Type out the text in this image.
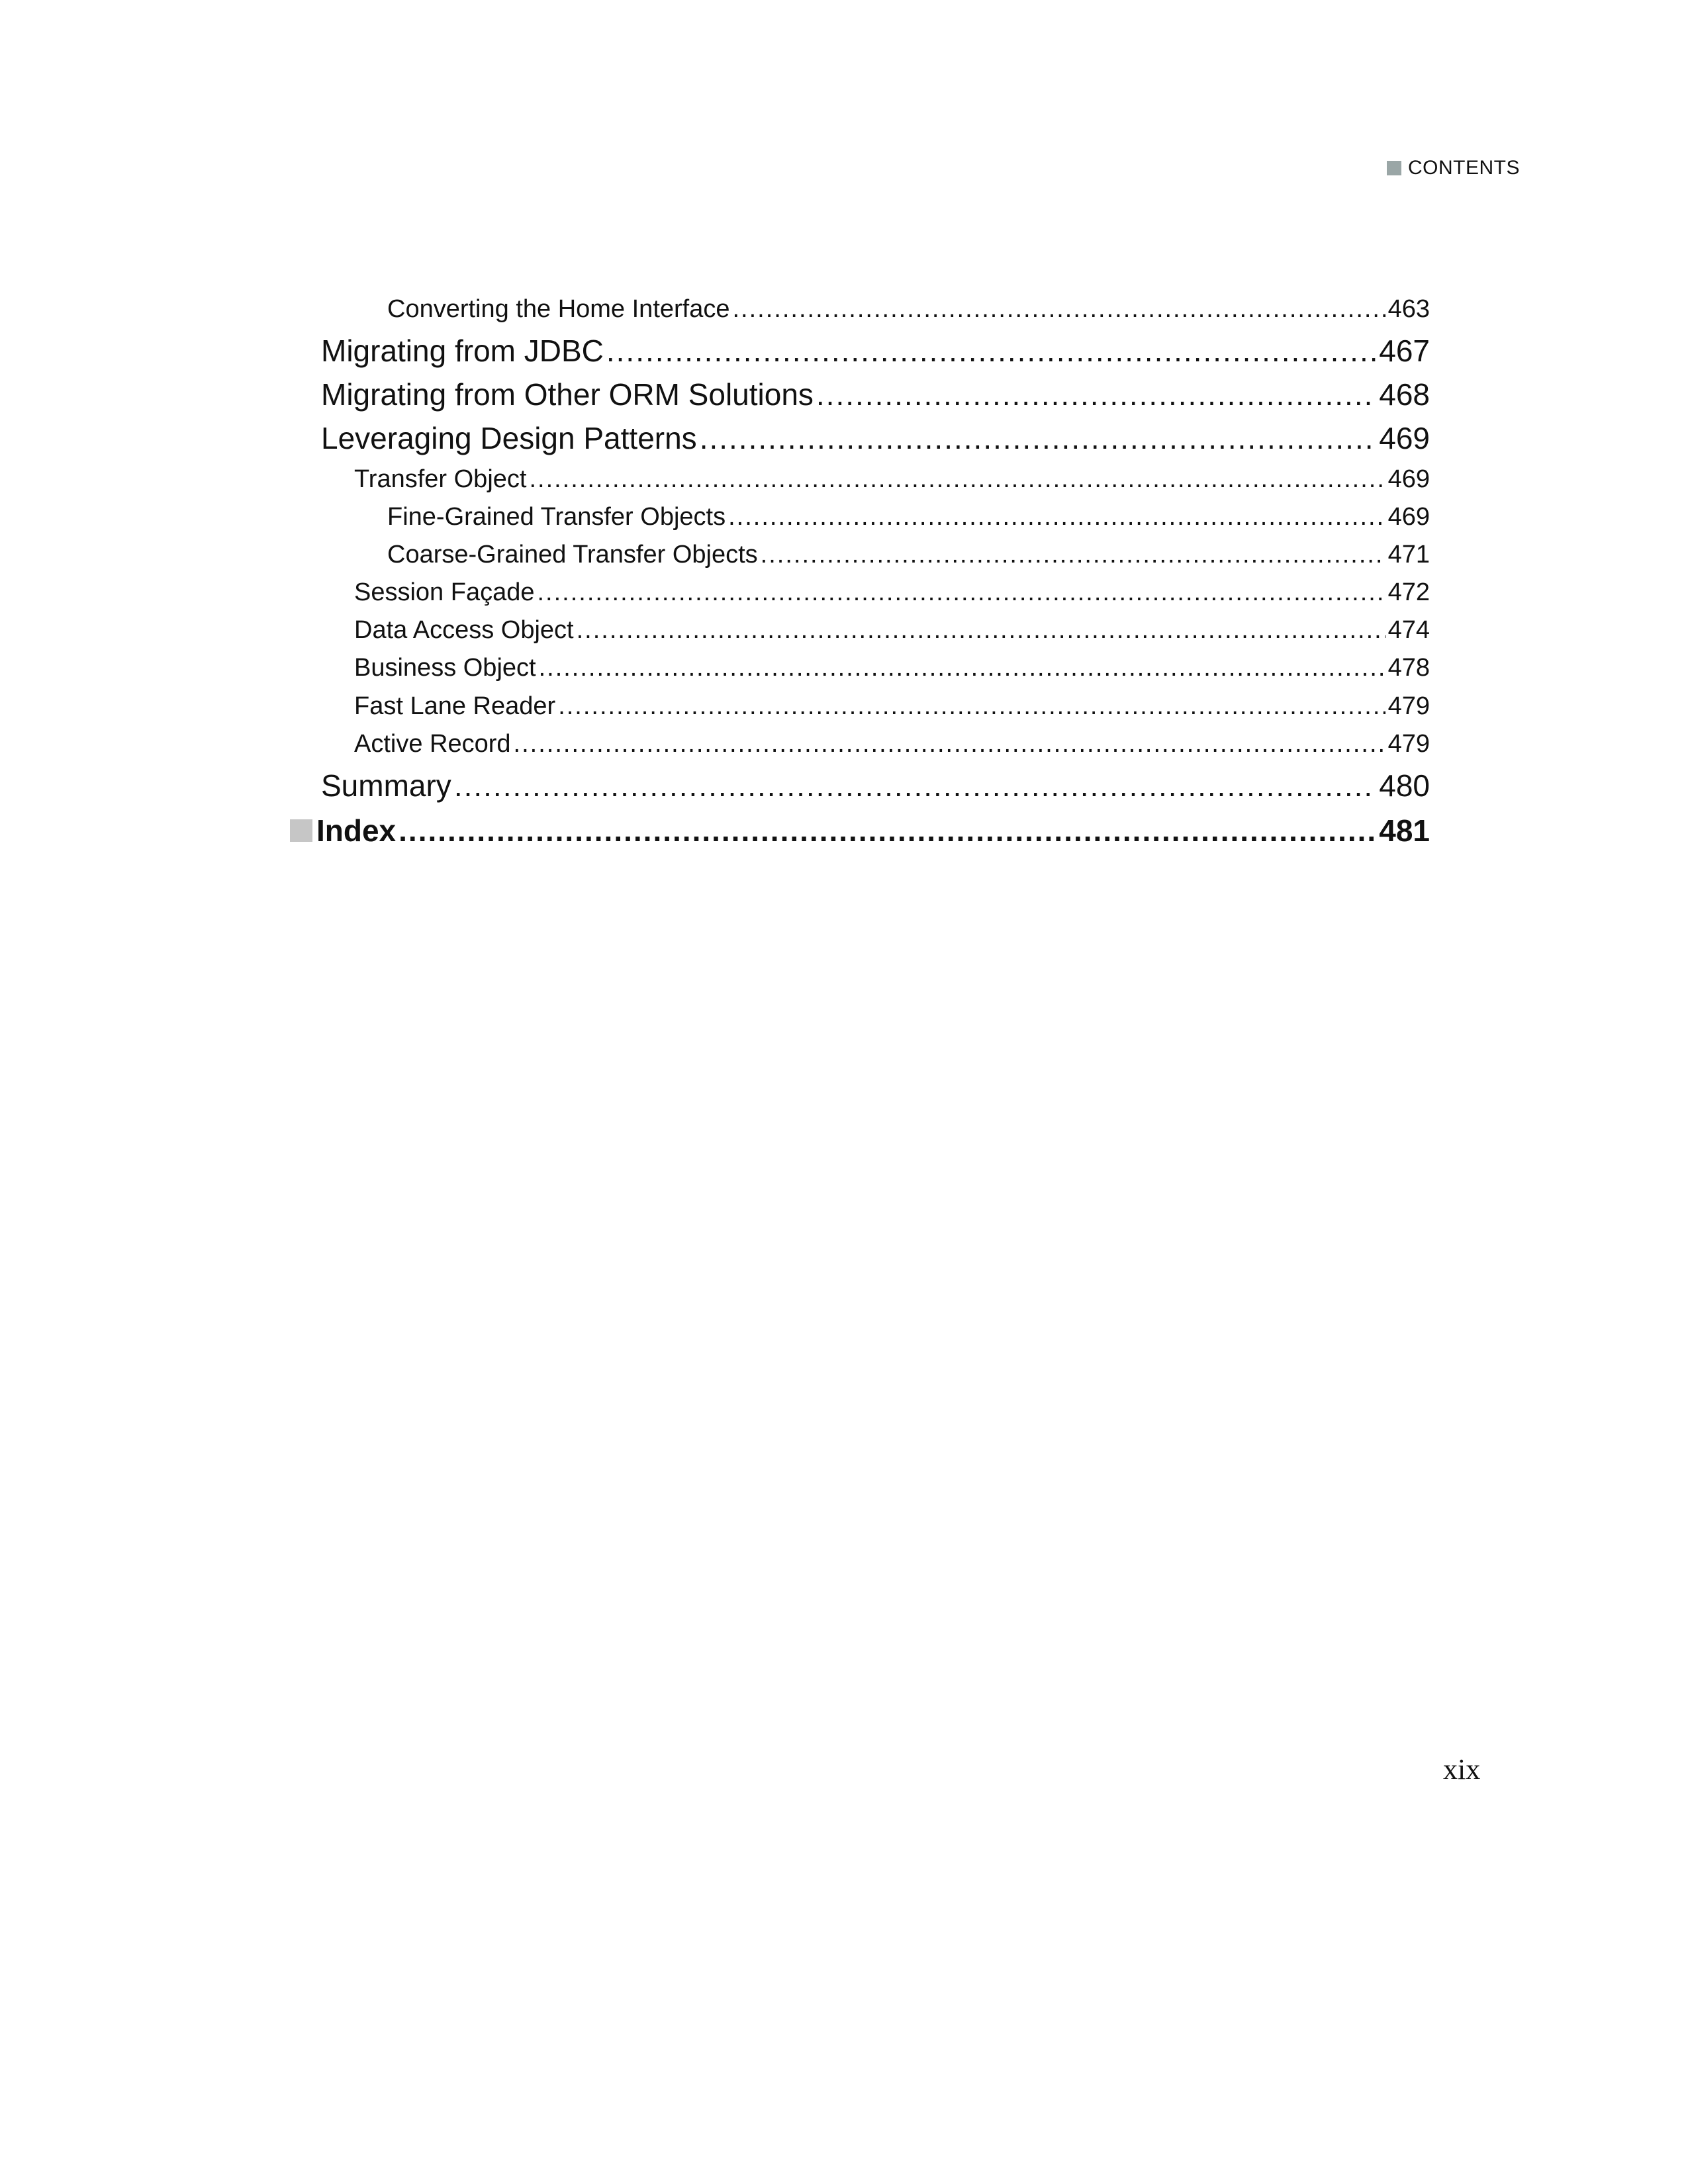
CONTENTS
Converting the Home Interface .....	463
Migrating from JDBC .....	467
Migrating from Other ORM Solutions .....	468
Leveraging Design Patterns .....	469
Transfer Object .....	469
Fine-Grained Transfer Objects .....	469
Coarse-Grained Transfer Objects .....	471
Session Façade .....	472
Data Access Object .....	474
Business Object .....	478
Fast Lane Reader .....	479
Active Record .....	479
Summary .....	480
Index .....	481
xix
